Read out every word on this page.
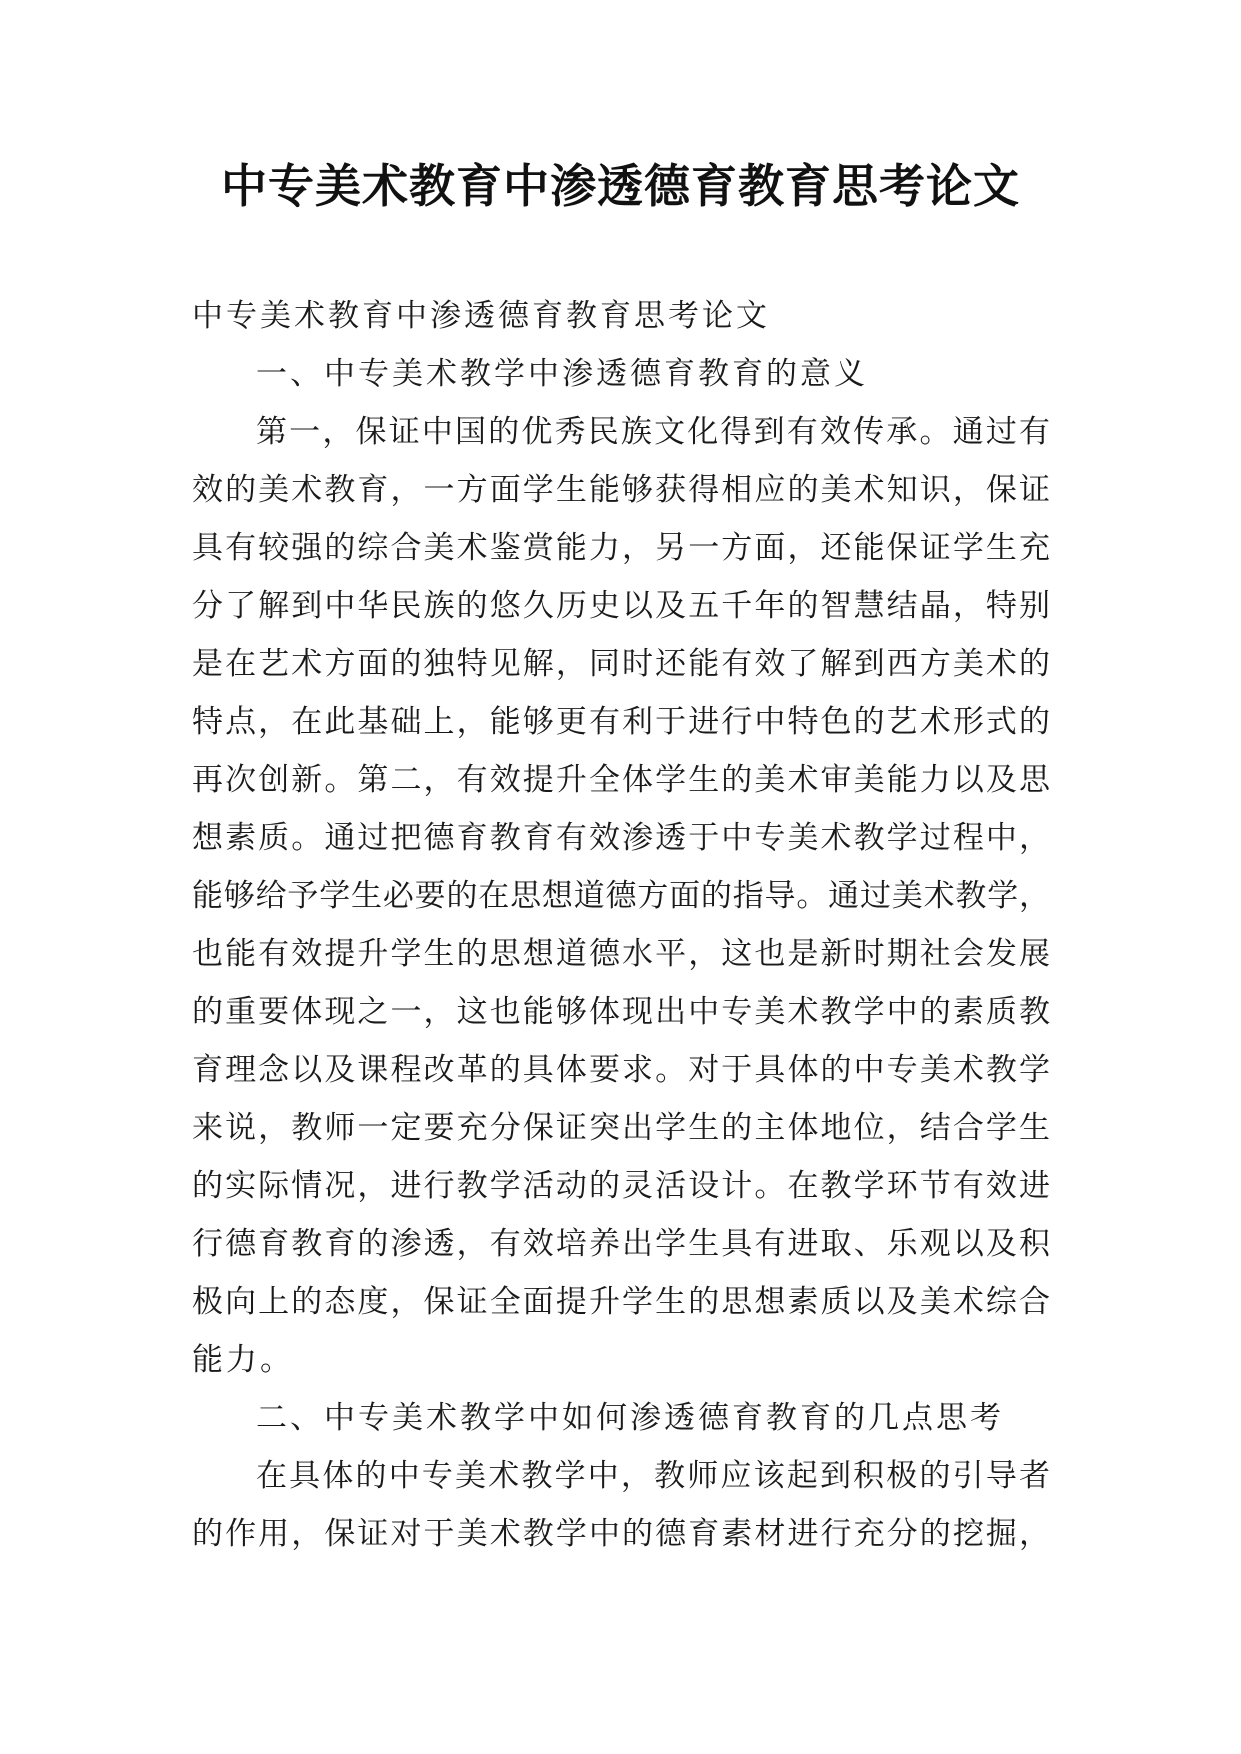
中专美术教育中渗透德育教育思考论文

中专美术教育中渗透德育教育思考论文

一、中专美术教学中渗透德育教育的意义

第一，保证中国的优秀民族文化得到有效传承。通过有

效的美术教育，一方面学生能够获得相应的美术知识，保证

具有较强的综合美术鉴赏能力，另一方面，还能保证学生充

分了解到中华民族的悠久历史以及五千年的智慧结晶，特别

是在艺术方面的独特见解，同时还能有效了解到西方美术的

特点，在此基础上，能够更有利于进行中特色的艺术形式的

再次创新。第二，有效提升全体学生的美术审美能力以及思

想素质。通过把德育教育有效渗透于中专美术教学过程中，

能够给予学生必要的在思想道德方面的指导。通过美术教学，

也能有效提升学生的思想道德水平，这也是新时期社会发展

的重要体现之一，这也能够体现出中专美术教学中的素质教

育理念以及课程改革的具体要求。对于具体的中专美术教学

来说，教师一定要充分保证突出学生的主体地位，结合学生

的实际情况，进行教学活动的灵活设计。在教学环节有效进

行德育教育的渗透，有效培养出学生具有进取、乐观以及积

极向上的态度，保证全面提升学生的思想素质以及美术综合

能力。

二、中专美术教学中如何渗透德育教育的几点思考

在具体的中专美术教学中，教师应该起到积极的引导者

的作用，保证对于美术教学中的德育素材进行充分的挖掘，
